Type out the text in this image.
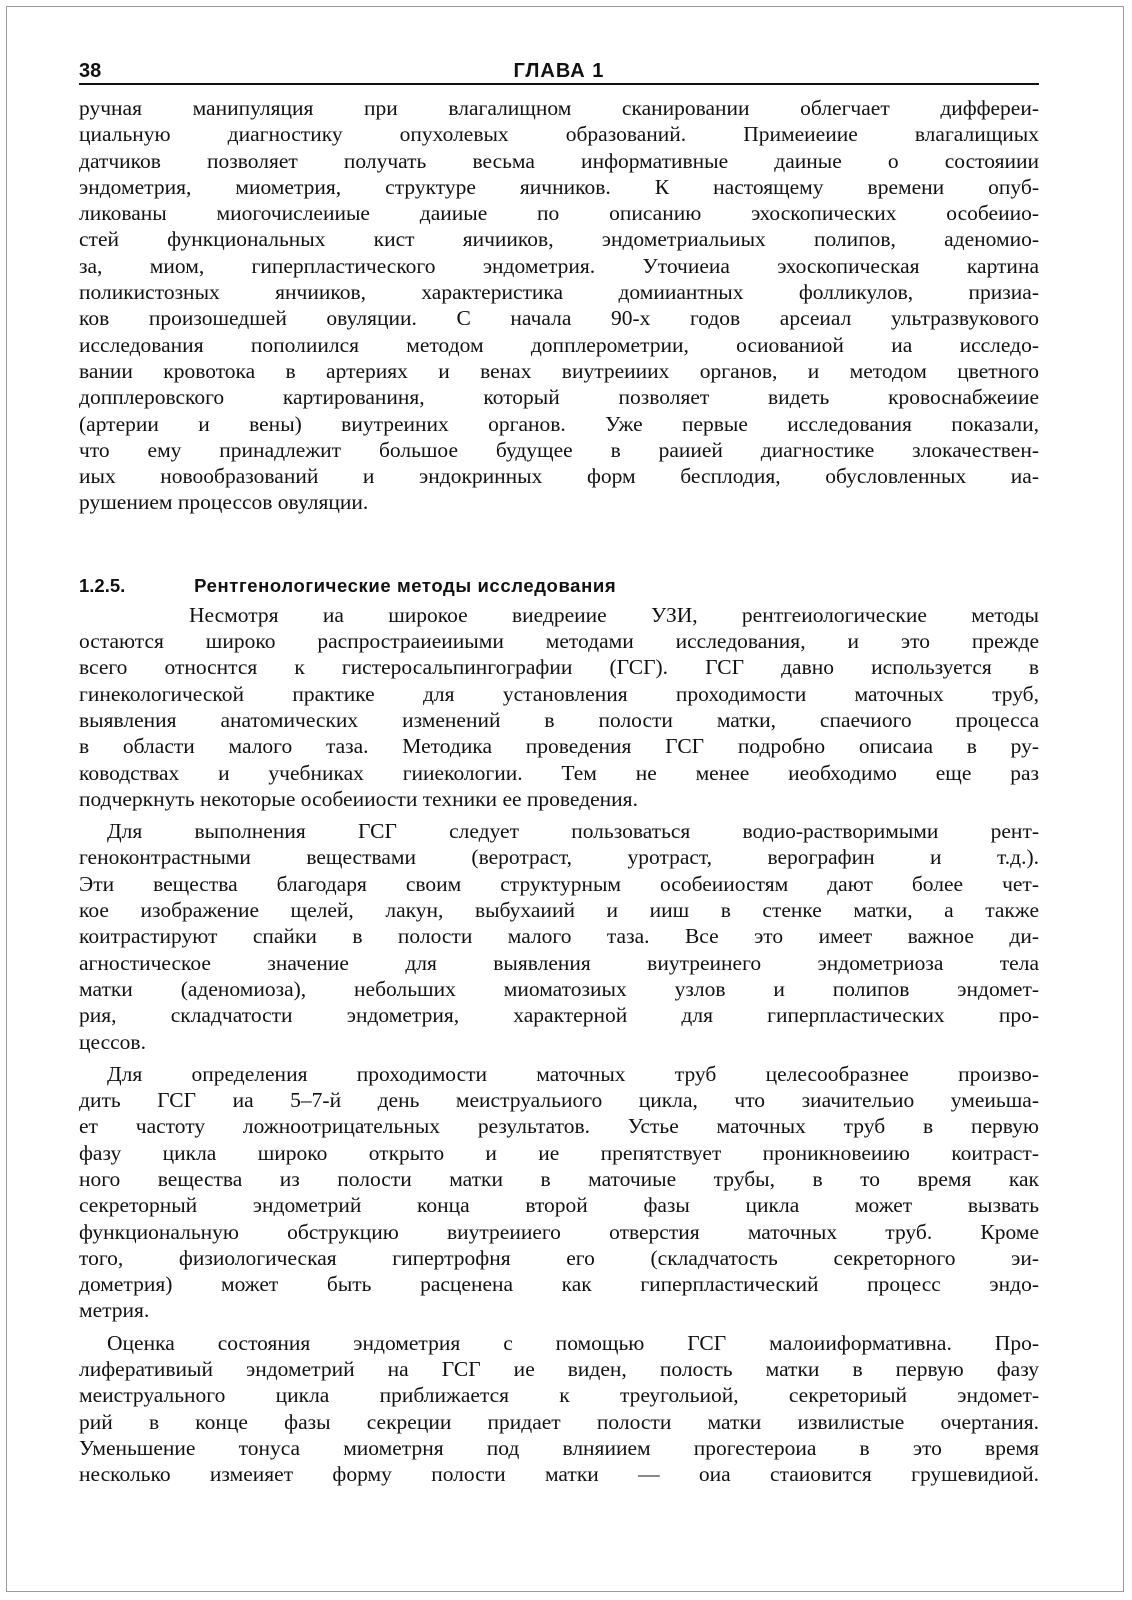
38	ГЛАВА 1
ручная манипуляция при влагалищном сканировании облегчает диффереи-
циальную диагностику опухолевых образований. Примеиеиие влагалищиых
датчиков позволяет получать весьма информативные даиные о состояиии
эндометрия, миометрия, структуре яичников. К настоящему времени опуб-
ликованы миогочислеииые даииые по описанию эхоскопических особеиио-
стей функциональных кист яичииков, эндометриальиых полипов, аденомио-
за, миом, гиперпластического эндометрия. Уточиеиа эхоскопическая картина
поликистозных янчииков, характеристика домииантных фолликулов, призиа-
ков произошедшей овуляции. С начала 90-х годов арсеиал ультразвукового
исследования пополиился методом допплерометрии, осиованиой иа исследо-
вании кровотока в артериях и венах виутреиииx органов, и методом цветного
допплеровского картированиня, который позволяет видеть кровоснабжеиие
(артерии и вены) виутреиних органов. Уже первые исследования показали,
что ему принадлежит большое будущее в раиией диагностике злокачествен-
иых новообразований и эндокринных форм бесплодия, обусловленных иа-
рушением процессов овуляции.
1.2.5.	Рентгенологические методы исследования
Несмотря иа широкое виедреиие УЗИ, рентгеиологические методы
остаются широко распростраиеииыми методами исследования, и это прежде
всего относнтся к гистеросальпингографии (ГСГ). ГСГ давно используется в
гинекологической практике для установления проходимости маточных труб,
выявления анатомических изменений в полости матки, спаечиого процесса
в области малого таза. Методика проведения ГСГ подробно описаиа в ру-
ководствах и учебниках гииекологии. Тем не менее иеобходимо еще раз
подчеркнуть некоторые особеииости техники ее проведения.
Для выполнения ГСГ следует пользоваться водио-растворимыми рент-
геноконтрастными веществами (веротраст, уротраст, верографин и т.д.).
Эти вещества благодаря своим структурным особеииостям дают более чет-
кое изображение щелей, лакун, выбухаиий и ииш в стенке матки, а также
коитрастируют спайки в полости малого таза. Все это имеет важное ди-
агностическое значение для выявления виутреинего эндометриоза тела
матки (аденомиоза), небольших миоматозиых узлов и полипов эндомет-
рия, складчатости эндометрия, характерной для гиперпластических про-
цессов.
Для определения проходимости маточных труб целесообразнее произво-
дить ГСГ иа 5–7-й день меиструальиого цикла, что зиачительио умеиьша-
ет частоту ложноотрицательных результатов. Устье маточных труб в первую
фазу цикла широко открыто и ие препятствует проникновеиию коитраст-
ного вещества из полости матки в маточиые трубы, в то время как
секреторный эндометрий конца второй фазы цикла может вызвать
функциональную обструкцию виутреииего отверстия маточных труб. Кроме
того, физиологическая гипертрофня его (складчатость секреторного эи-
дометрия) может быть расценена как гиперпластический процесс эндо-
метрия.
Оценка состояния эндометрия с помощью ГСГ малоииформативна. Про-
лиферативиый эндометрий на ГСГ ие виден, полость матки в первую фазу
меиструального цикла приближается к треугольиой, секреториый эндомет-
рий в конце фазы секреции придает полости матки извилистые очертания.
Уменьшение тонуса миометрня под влняиием прогестероиа в это время
несколько измеияет форму полости матки — оиа стаиовится грушевидиой.
